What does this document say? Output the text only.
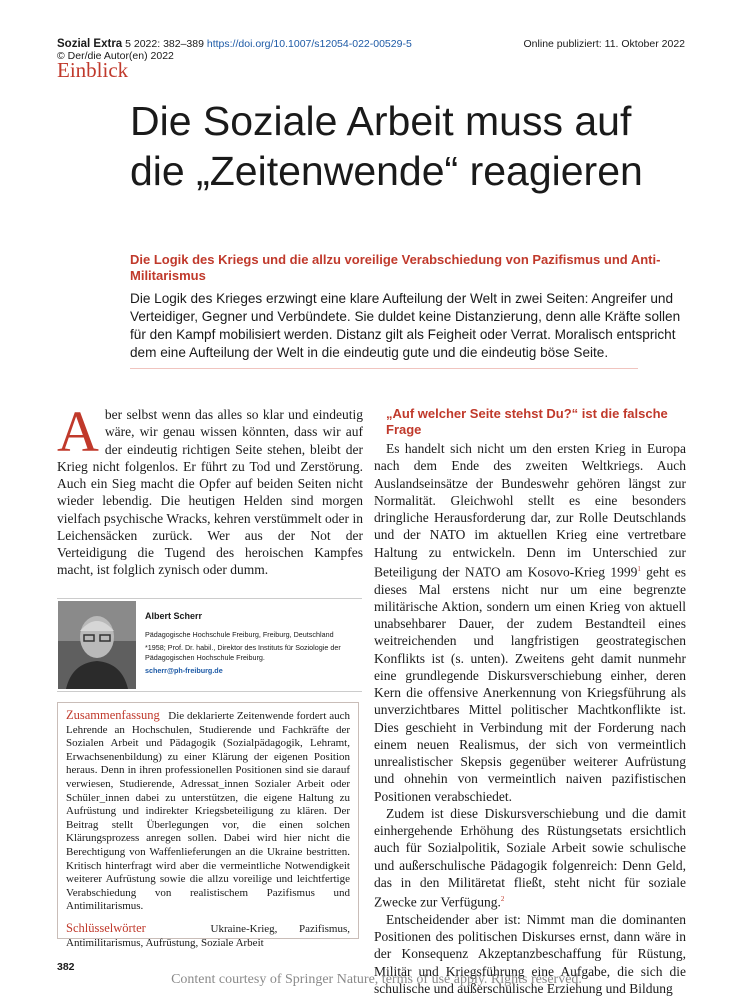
Sozial Extra 5 2022: 382–389 https://doi.org/10.1007/s12054-022-00529-5
© Der/die Autor(en) 2022
Online publiziert: 11. Oktober 2022
Einblick
Die Soziale Arbeit muss auf die „Zeitenwende“ reagieren
Die Logik des Kriegs und die allzu voreilige Verabschiedung von Pazifismus und Anti-Militarismus
Die Logik des Krieges erzwingt eine klare Aufteilung der Welt in zwei Seiten: Angreifer und Verteidiger, Gegner und Verbündete. Sie duldet keine Distanzierung, denn alle Kräfte sollen für den Kampf mobilisiert werden. Distanz gilt als Feigheit oder Verrat. Moralisch entspricht dem eine Aufteilung der Welt in die eindeutig gute und die eindeutig böse Seite.

Aber selbst wenn das alles so klar und eindeutig wäre, wir genau wissen könnten, dass wir auf der eindeutig richtigen Seite stehen, bleibt der Krieg nicht folgenlos. Er führt zu Tod und Zerstörung. Auch ein Sieg macht die Opfer auf beiden Seiten nicht wieder lebendig. Die heutigen Helden sind morgen vielfach psychische Wracks, kehren verstümmelt oder in Leichensäcken zurück. Wer aus der Not der Verteidigung die Tugend des heroischen Kampfes macht, ist folglich zynisch oder dumm.

Albert Scherr
Pädagogische Hochschule Freiburg, Freiburg, Deutschland
*1958; Prof. Dr. habil., Direktor des Instituts für Soziologie der Pädagogischen Hochschule Freiburg.
scherr@ph-freiburg.de

Zusammenfassung Die deklarierte Zeitenwende fordert auch Lehrende an Hochschulen, Studierende und Fachkräfte der Sozialen Arbeit und Pädagogik (Sozialpädagogik, Lehramt, Erwachsenenbildung) zu einer Klärung der eigenen Position heraus. Denn in ihren professionellen Positionen sind sie darauf verwiesen, Studierende, Adressat_innen Sozialer Arbeit oder Schüler_innen dabei zu unterstützen, die eigene Haltung zu Aufrüstung und indirekter Kriegsbeteiligung zu klären. Der Beitrag stellt Überlegungen vor, die einen solchen Klärungsprozess anregen sollen. Dabei wird hier nicht die Berechtigung von Waffenlieferungen an die Ukraine bestritten. Kritisch hinterfragt wird aber die vermeintliche Notwendigkeit weiterer Aufrüstung sowie die allzu voreilige und leichtfertige Verabschiedung von realistischem Pazifismus und Antimilitarismus.

Schlüsselwörter	Ukraine-Krieg, Pazifismus, Antimilitarismus, Aufrüstung, Soziale Arbeit

„Auf welcher Seite stehst Du?“ ist die falsche Frage

Es handelt sich nicht um den ersten Krieg in Europa nach dem Ende des zweiten Weltkriegs. Auch Auslandseinsätze der Bundeswehr gehören längst zur Normalität. Gleichwohl stellt es eine besonders dringliche Herausforderung dar, zur Rolle Deutschlands und der NATO im aktuellen Krieg eine vertretbare Haltung zu entwickeln. Denn im Unterschied zur Beteiligung der NATO am Kosovo-Krieg 1999$^1$ geht es dieses Mal erstens nicht nur um eine begrenzte militärische Aktion, sondern um einen Krieg von aktuell unabsehbarer Dauer, der zudem Bestandteil eines weitreichenden und langfristigen geostrategischen Konflikts ist (s. unten). Zweitens geht damit nunmehr eine grundlegende Diskursverschiebung einher, deren Kern die offensive Anerkennung von Kriegsführung als unverzichtbares Mittel politischer Machtkonflikte ist. Dies geschieht in Verbindung mit der Forderung nach einem neuen Realismus, der sich von vermeintlich unrealistischer Skepsis gegenüber weiterer Aufrüstung und ohnehin von vermeintlich naiven pazifistischen Positionen verabschiedet.

Zudem ist diese Diskursverschiebung und die damit einhergehende Erhöhung des Rüstungsetats ersichtlich auch für Sozialpolitik, Soziale Arbeit sowie schulische und außerschulische Pädagogik folgenreich: Denn Geld, das in den Militäretat fließt, steht nicht für soziale Zwecke zur Verfügung.$^2$

Entscheidender aber ist: Nimmt man die dominanten Positionen des politischen Diskurses ernst, dann wäre in der Konsequenz Akzeptanzbeschaffung für Rüstung, Militär und Kriegsführung eine Aufgabe, die sich die schulische und außerschulische Erziehung und Bildung

382
Content courtesy of Springer Nature, terms of use apply. Rights reserved.
